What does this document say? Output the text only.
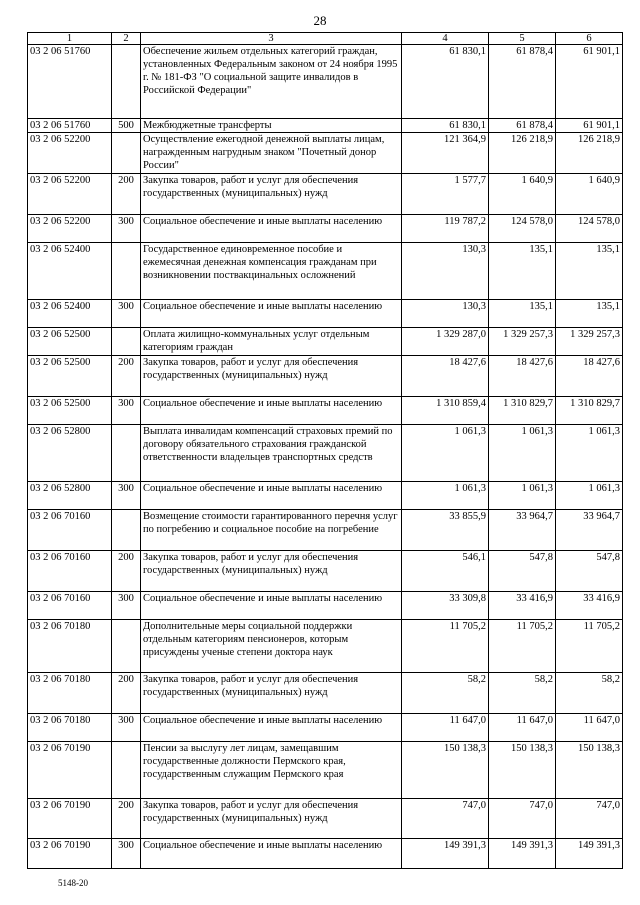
28
1	2	3	4	5	6
03 2 06 51760		Обеспечение жильем отдельных категорий граждан, установленных Федеральным законом от 24 ноября 1995 г. № 181-ФЗ "О социальной защите инвалидов в Российской Федерации"	61 830,1	61 878,4	61 901,1
03 2 06 51760	500	Межбюджетные трансферты	61 830,1	61 878,4	61 901,1
03 2 06 52200		Осуществление ежегодной денежной выплаты лицам, награжденным нагрудным знаком "Почетный донор России"	121 364,9	126 218,9	126 218,9
03 2 06 52200	200	Закупка товаров, работ и услуг для обеспечения государственных (муниципальных) нужд	1 577,7	1 640,9	1 640,9
03 2 06 52200	300	Социальное обеспечение и иные выплаты населению	119 787,2	124 578,0	124 578,0
03 2 06 52400		Государственное единовременное пособие и ежемесячная денежная компенсация гражданам при возникновении поствакцинальных осложнений	130,3	135,1	135,1
03 2 06 52400	300	Социальное обеспечение и иные выплаты населению	130,3	135,1	135,1
03 2 06 52500		Оплата жилищно-коммунальных услуг отдельным категориям граждан	1 329 287,0	1 329 257,3	1 329 257,3
03 2 06 52500	200	Закупка товаров, работ и услуг для обеспечения государственных (муниципальных) нужд	18 427,6	18 427,6	18 427,6
03 2 06 52500	300	Социальное обеспечение и иные выплаты населению	1 310 859,4	1 310 829,7	1 310 829,7
03 2 06 52800		Выплата инвалидам компенсаций страховых премий по договору обязательного страхования гражданской ответственности владельцев транспортных средств	1 061,3	1 061,3	1 061,3
03 2 06 52800	300	Социальное обеспечение и иные выплаты населению	1 061,3	1 061,3	1 061,3
03 2 06 70160		Возмещение стоимости гарантированного перечня услуг по погребению и социальное пособие на погребение	33 855,9	33 964,7	33 964,7
03 2 06 70160	200	Закупка товаров, работ и услуг для обеспечения государственных (муниципальных) нужд	546,1	547,8	547,8
03 2 06 70160	300	Социальное обеспечение и иные выплаты населению	33 309,8	33 416,9	33 416,9
03 2 06 70180		Дополнительные меры социальной поддержки отдельным категориям пенсионеров, которым присуждены ученые степени доктора наук	11 705,2	11 705,2	11 705,2
03 2 06 70180	200	Закупка товаров, работ и услуг для обеспечения государственных (муниципальных) нужд	58,2	58,2	58,2
03 2 06 70180	300	Социальное обеспечение и иные выплаты населению	11 647,0	11 647,0	11 647,0
03 2 06 70190		Пенсии за выслугу лет лицам, замещавшим государственные должности Пермского края, государственным служащим Пермского края	150 138,3	150 138,3	150 138,3
03 2 06 70190	200	Закупка товаров, работ и услуг для обеспечения государственных (муниципальных) нужд	747,0	747,0	747,0
03 2 06 70190	300	Социальное обеспечение и иные выплаты населению	149 391,3	149 391,3	149 391,3
5148-20
